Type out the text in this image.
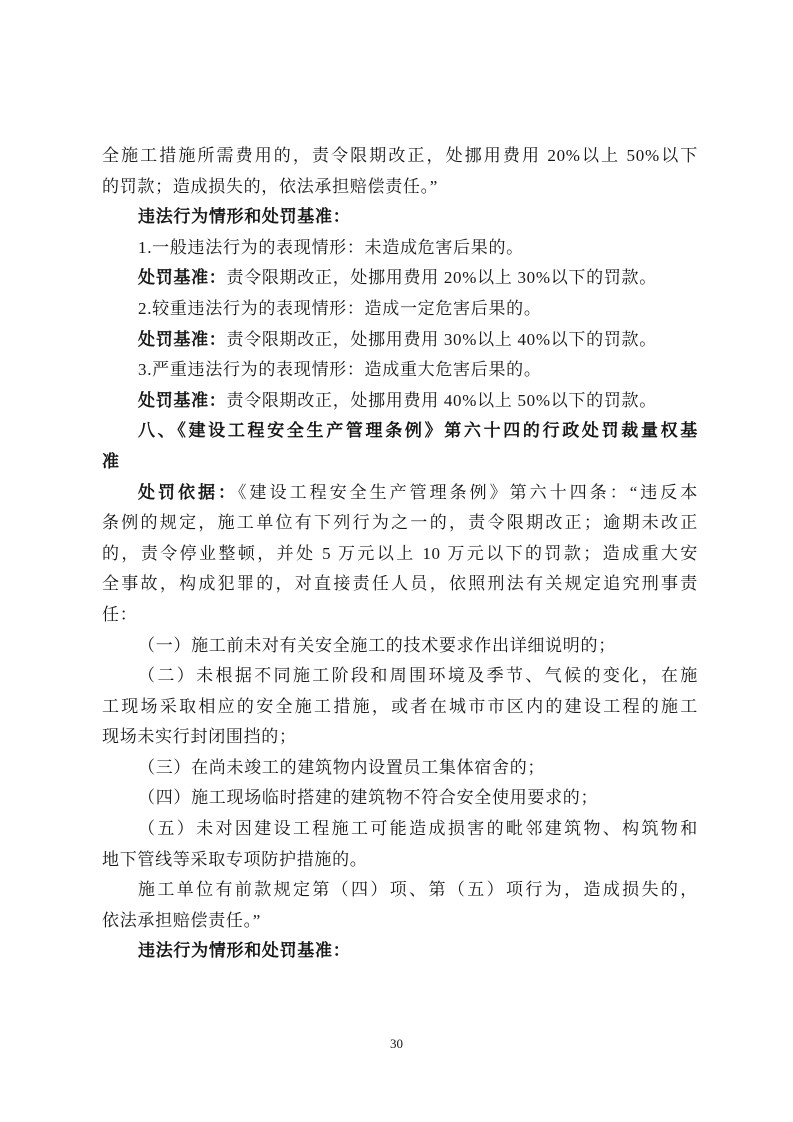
全施工措施所需费用的，责令限期改正，处挪用费用 20%以上 50%以下
的罚款；造成损失的，依法承担赔偿责任。”
违法行为情形和处罚基准：
1.一般违法行为的表现情形：未造成危害后果的。
处罚基准：责令限期改正，处挪用费用 20%以上 30%以下的罚款。
2.较重违法行为的表现情形：造成一定危害后果的。
处罚基准：责令限期改正，处挪用费用 30%以上 40%以下的罚款。
3.严重违法行为的表现情形：造成重大危害后果的。
处罚基准：责令限期改正，处挪用费用 40%以上 50%以下的罚款。
八、《建设工程安全生产管理条例》第六十四的行政处罚裁量权基
准
处罚依据：《建设工程安全生产管理条例》第六十四条：“违反本
条例的规定，施工单位有下列行为之一的，责令限期改正；逾期未改正
的，责令停业整顿，并处 5 万元以上 10 万元以下的罚款；造成重大安
全事故，构成犯罪的，对直接责任人员，依照刑法有关规定追究刑事责
任：
（一）施工前未对有关安全施工的技术要求作出详细说明的；
（二）未根据不同施工阶段和周围环境及季节、气候的变化，在施
工现场采取相应的安全施工措施，或者在城市市区内的建设工程的施工
现场未实行封闭围挡的；
（三）在尚未竣工的建筑物内设置员工集体宿舍的；
（四）施工现场临时搭建的建筑物不符合安全使用要求的；
（五）未对因建设工程施工可能造成损害的毗邻建筑物、构筑物和
地下管线等采取专项防护措施的。
施工单位有前款规定第（四）项、第（五）项行为，造成损失的，
依法承担赔偿责任。”
违法行为情形和处罚基准：
30
